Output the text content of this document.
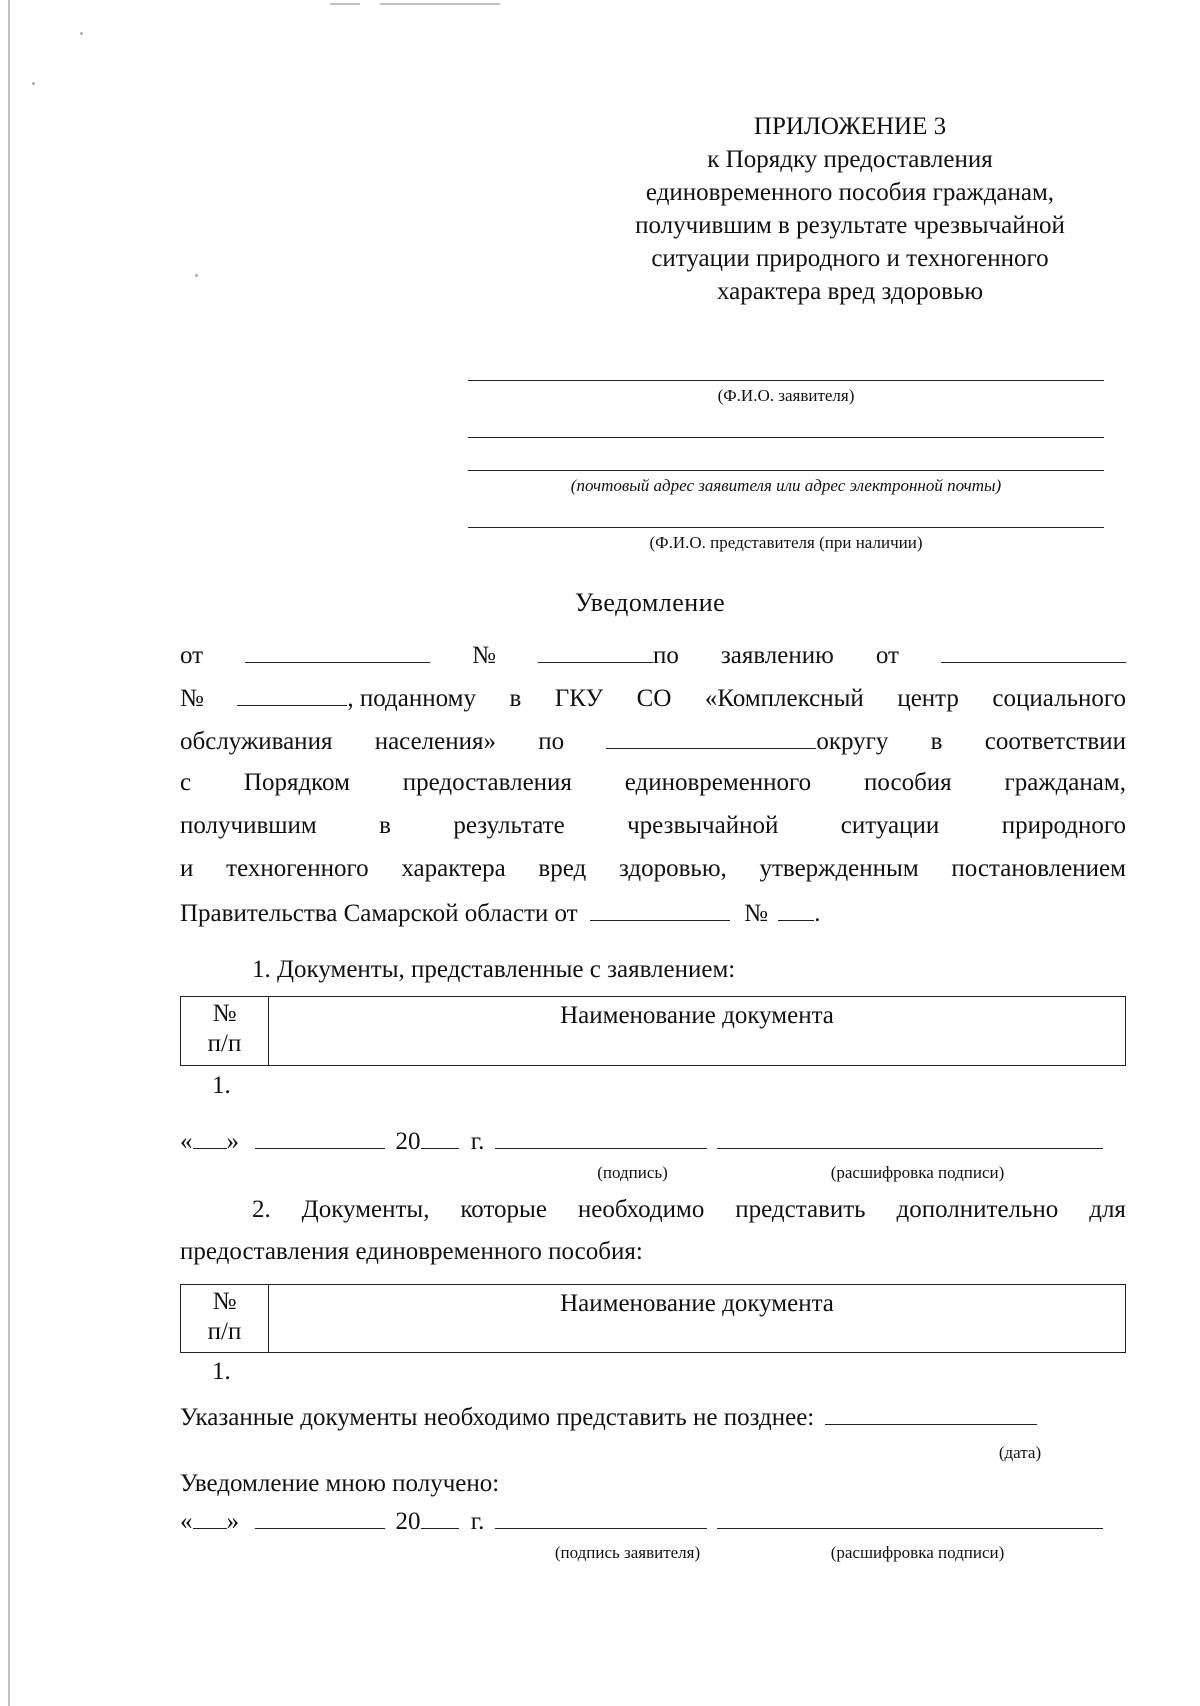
ПРИЛОЖЕНИЕ 3
к Порядку предоставления
единовременного пособия гражданам,
получившим в результате чрезвычайной
ситуации природного и техногенного
характера вред здоровью
(Ф.И.О. заявителя)
(почтовый адрес заявителя или адрес электронной почты)
(Ф.И.О. представителя (при наличии)
Уведомление
от	№	по заявлению от
№	, поданному в ГКУ СО «Комплексный центр социального
обслуживания населения» по	округу в соответствии
с Порядком предоставления единовременного пособия гражданам,
получившим в результате чрезвычайной ситуации природного
и техногенного характера вред здоровью, утвержденным постановлением
Правительства Самарской области от	№ .
1. Документы, представленные с заявлением:
№
п/п
	Наименование документа
1.
« »	20 г.
(подпись)	(расшифровка подписи)
2. Документы, которые необходимо представить дополнительно для
предоставления единовременного пособия:
№
п/п
	Наименование документа
1.
Указанные документы необходимо представить не позднее:
(дата)
Уведомление мною получено:
« »	20 г.
(подпись заявителя)	(расшифровка подписи)
